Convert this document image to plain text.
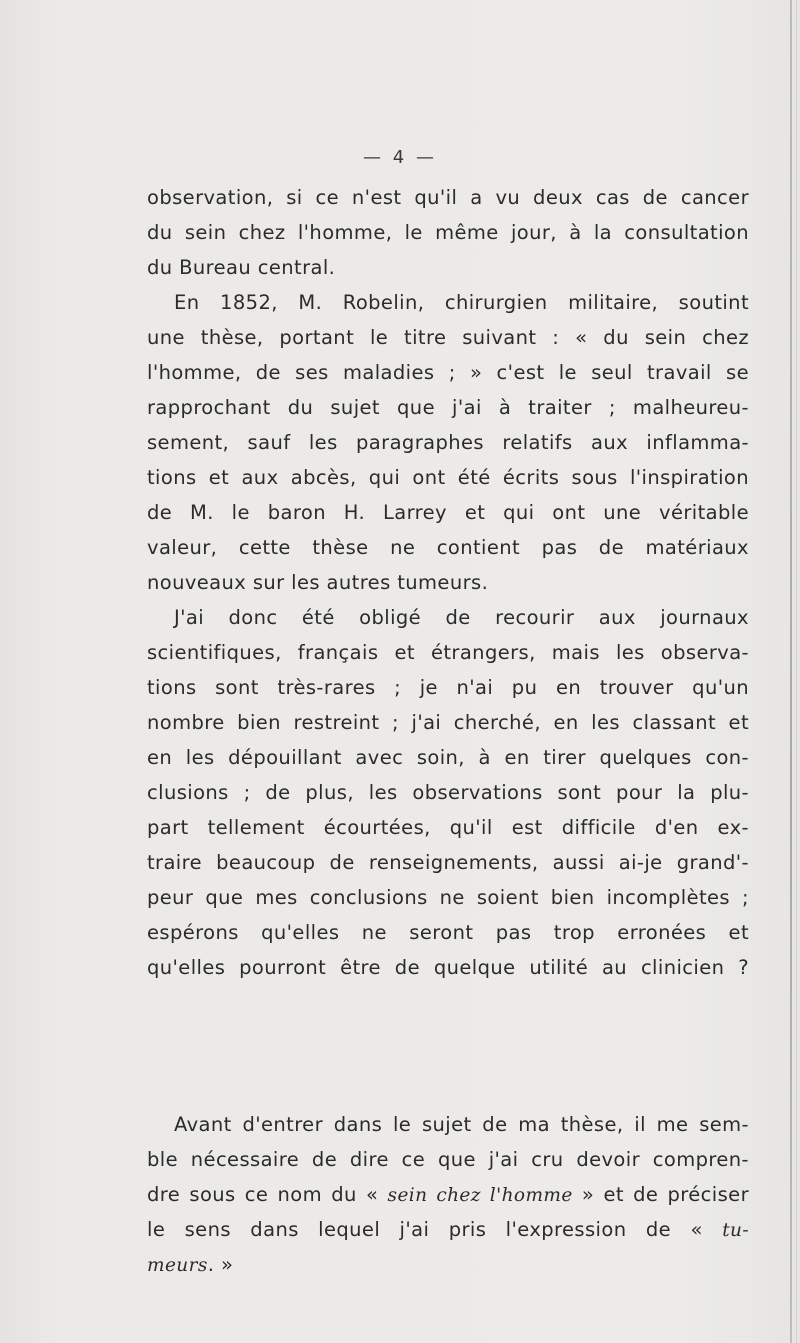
— 4 —
observation, si ce n'est qu'il a vu deux cas de cancer
du sein chez l'homme, le même jour, à la consultation
du Bureau central.
En 1852, M. Robelin, chirurgien militaire, soutint
une thèse, portant le titre suivant : « du sein chez
l'homme, de ses maladies ; » c'est le seul travail se
rapprochant du sujet que j'ai à traiter ; malheureu-
sement, sauf les paragraphes relatifs aux inflamma-
tions et aux abcès, qui ont été écrits sous l'inspiration
de M. le baron H. Larrey et qui ont une véritable
valeur, cette thèse ne contient pas de matériaux
nouveaux sur les autres tumeurs.
J'ai donc été obligé de recourir aux journaux
scientifiques, français et étrangers, mais les observa-
tions sont très-rares ; je n'ai pu en trouver qu'un
nombre bien restreint ; j'ai cherché, en les classant et
en les dépouillant avec soin, à en tirer quelques con-
clusions ; de plus, les observations sont pour la plu-
part tellement écourtées, qu'il est difficile d'en ex-
traire beaucoup de renseignements, aussi ai-je grand'-
peur que mes conclusions ne soient bien incomplètes ;
espérons qu'elles ne seront pas trop erronées et
qu'elles pourront être de quelque utilité au clinicien ?
Avant d'entrer dans le sujet de ma thèse, il me sem-
ble nécessaire de dire ce que j'ai cru devoir compren-
dre sous ce nom du « sein chez l'homme » et de préciser
le sens dans lequel j'ai pris l'expression de « tu-
meurs. »
